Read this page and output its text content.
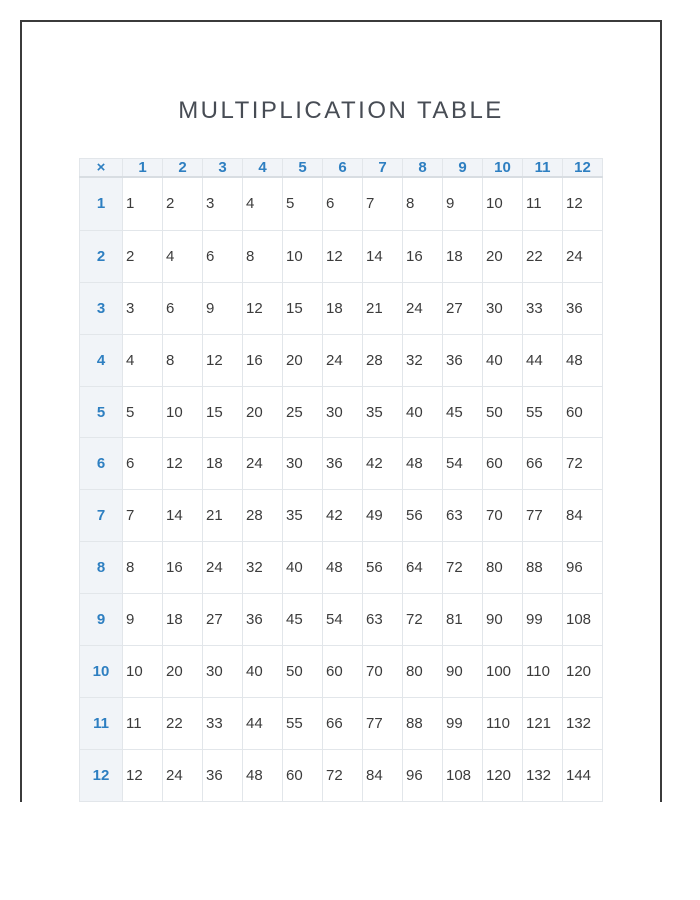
MULTIPLICATION TABLE
×	1	2	3	4	5	6	7	8	9	10	11	12
1	1	2	3	4	5	6	7	8	9	10	11	12
2	2	4	6	8	10	12	14	16	18	20	22	24
3	3	6	9	12	15	18	21	24	27	30	33	36
4	4	8	12	16	20	24	28	32	36	40	44	48
5	5	10	15	20	25	30	35	40	45	50	55	60
6	6	12	18	24	30	36	42	48	54	60	66	72
7	7	14	21	28	35	42	49	56	63	70	77	84
8	8	16	24	32	40	48	56	64	72	80	88	96
9	9	18	27	36	45	54	63	72	81	90	99	108
10	10	20	30	40	50	60	70	80	90	100	110	120
11	11	22	33	44	55	66	77	88	99	110	121	132
12	12	24	36	48	60	72	84	96	108	120	132	144
